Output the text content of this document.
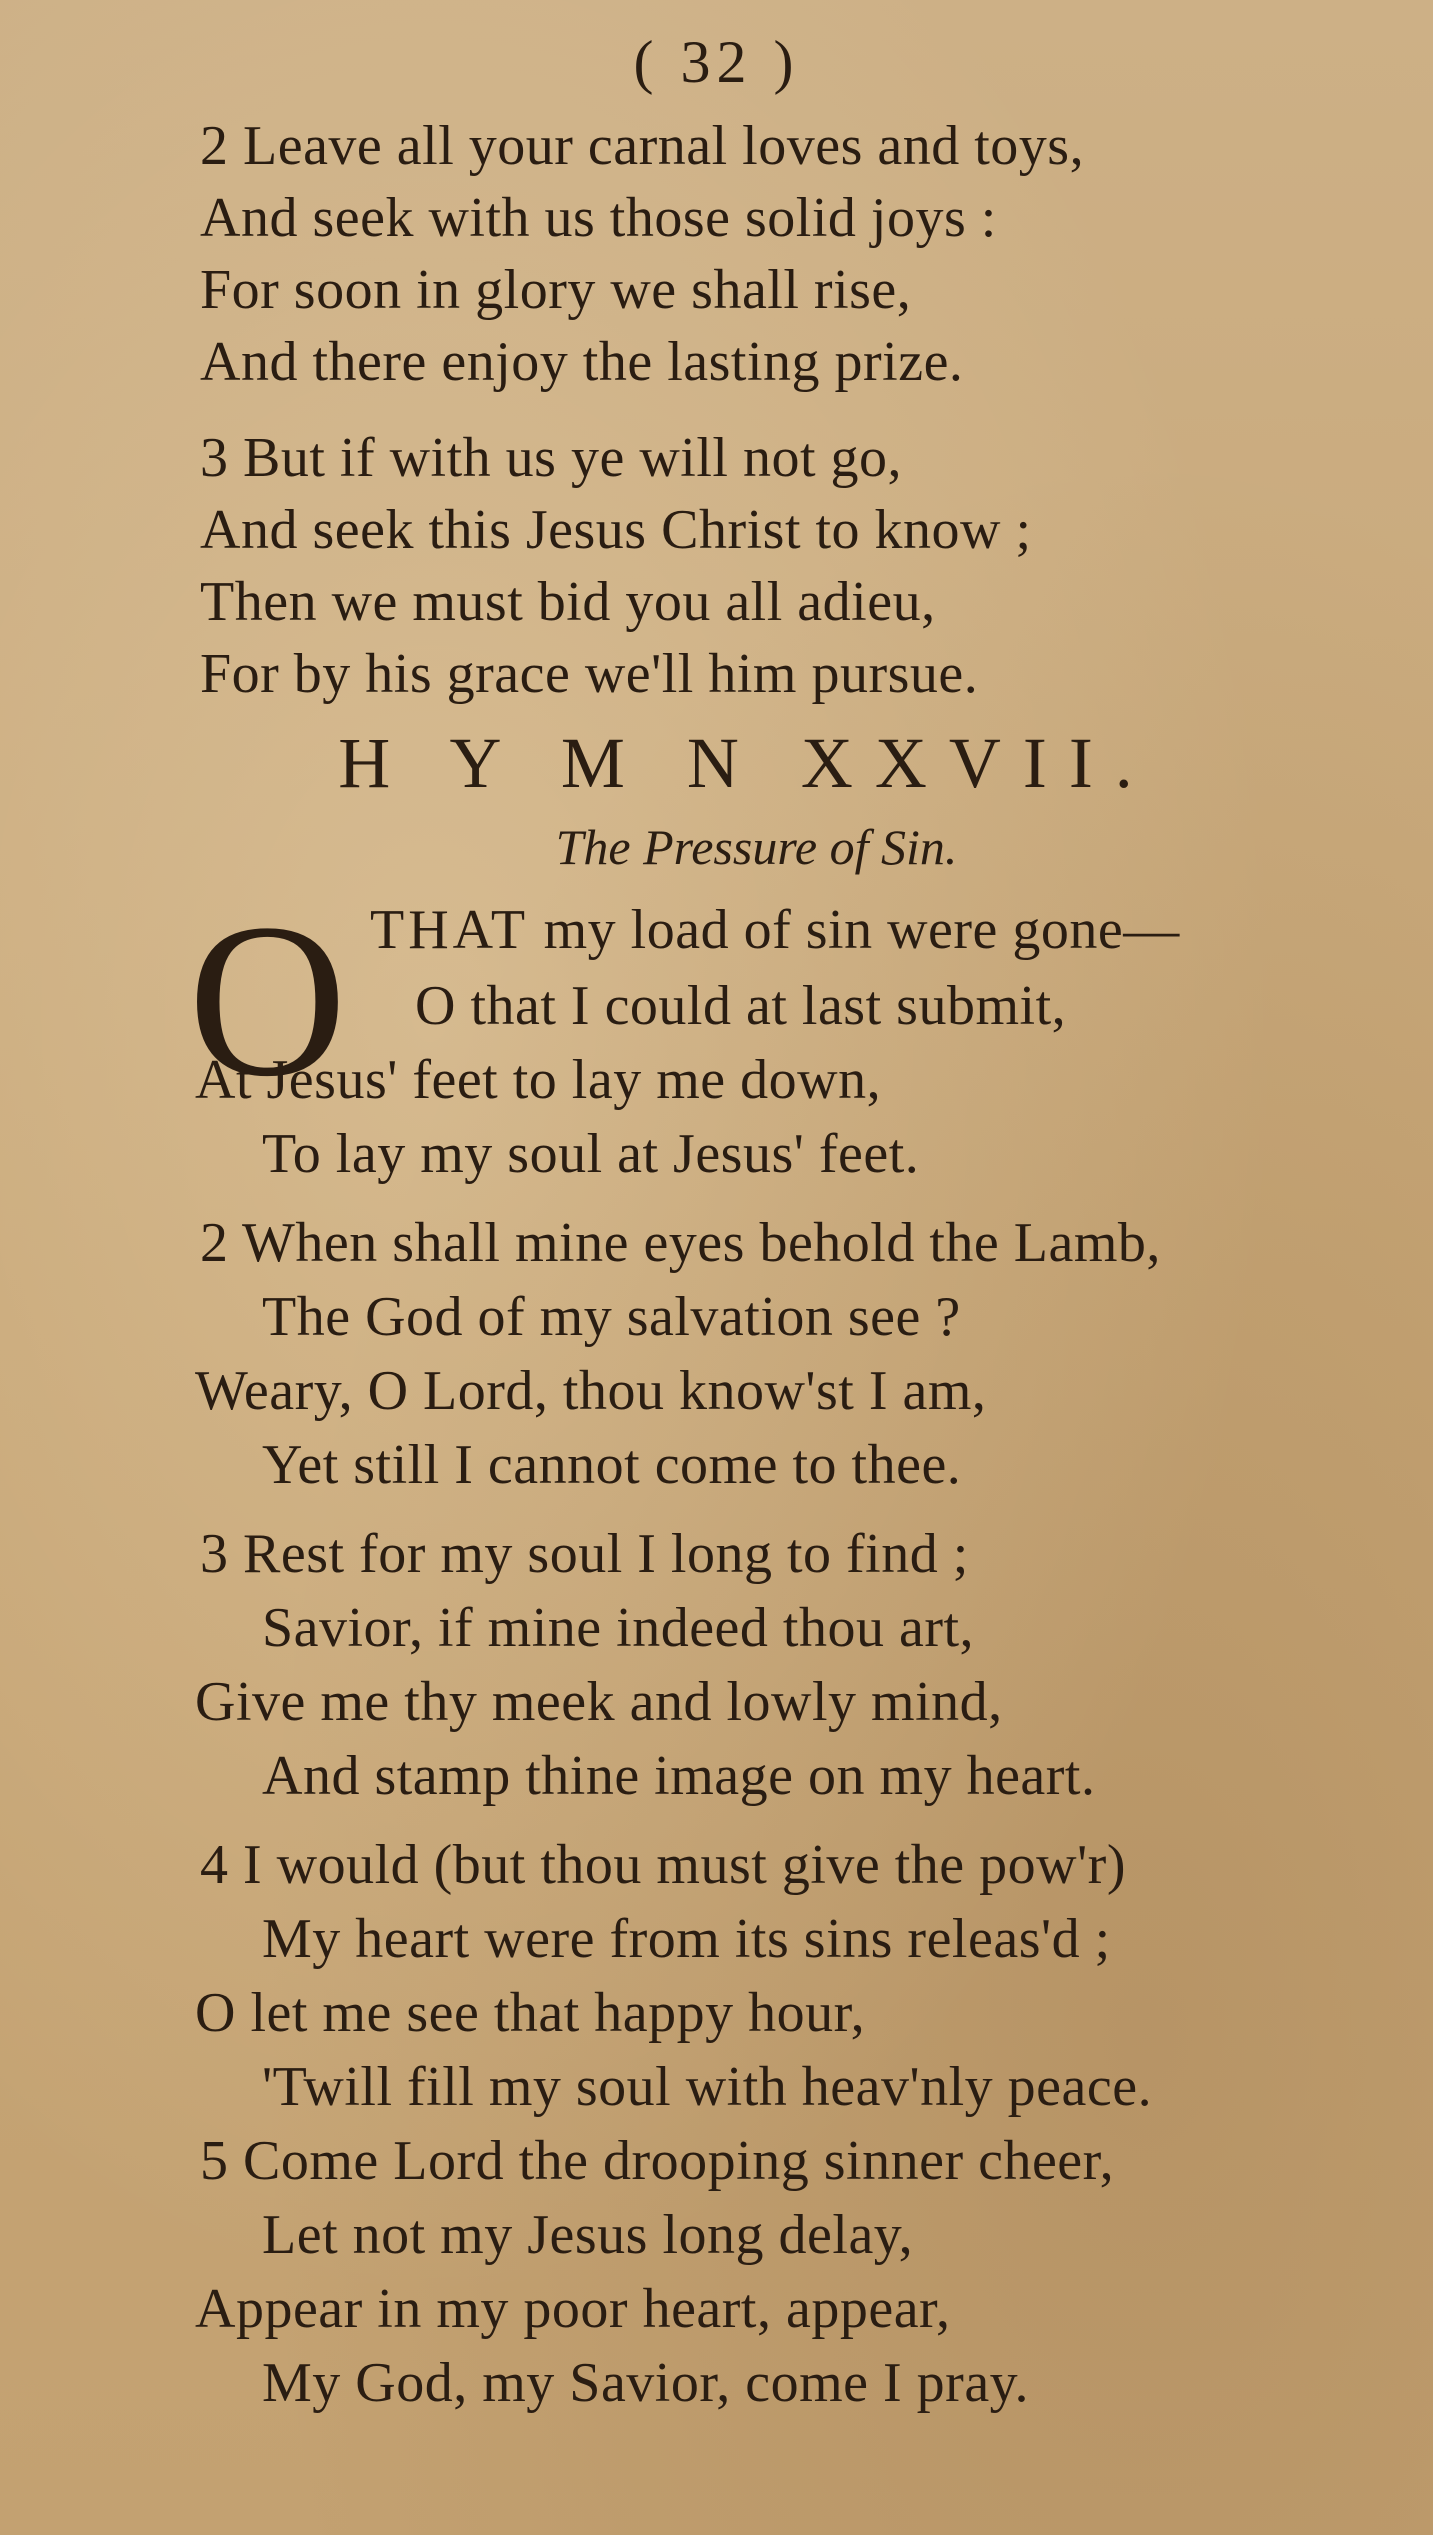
( 32 )
2 Leave all your carnal loves and toys,
And seek with us those solid joys :
For soon in glory we shall rise,
And there enjoy the lasting prize.
3 But if with us ye will not go,
And seek this Jesus Christ to know ;
Then we must bid you all adieu,
For by his grace we'll him pursue.
H Y M N XXVII.
The Pressure of Sin.
O THAT my load of sin were gone—
O that I could at last submit,
At Jesus' feet to lay me down,
To lay my soul at Jesus' feet.
2 When shall mine eyes behold the Lamb,
The God of my salvation see ?
Weary, O Lord, thou know'st I am,
Yet still I cannot come to thee.
3 Rest for my soul I long to find ;
Savior, if mine indeed thou art,
Give me thy meek and lowly mind,
And stamp thine image on my heart.
4 I would (but thou must give the pow'r)
My heart were from its sins releas'd ;
O let me see that happy hour,
'Twill fill my soul with heav'nly peace.
5 Come Lord the drooping sinner cheer,
Let not my Jesus long delay,
Appear in my poor heart, appear,
My God, my Savior, come I pray.
